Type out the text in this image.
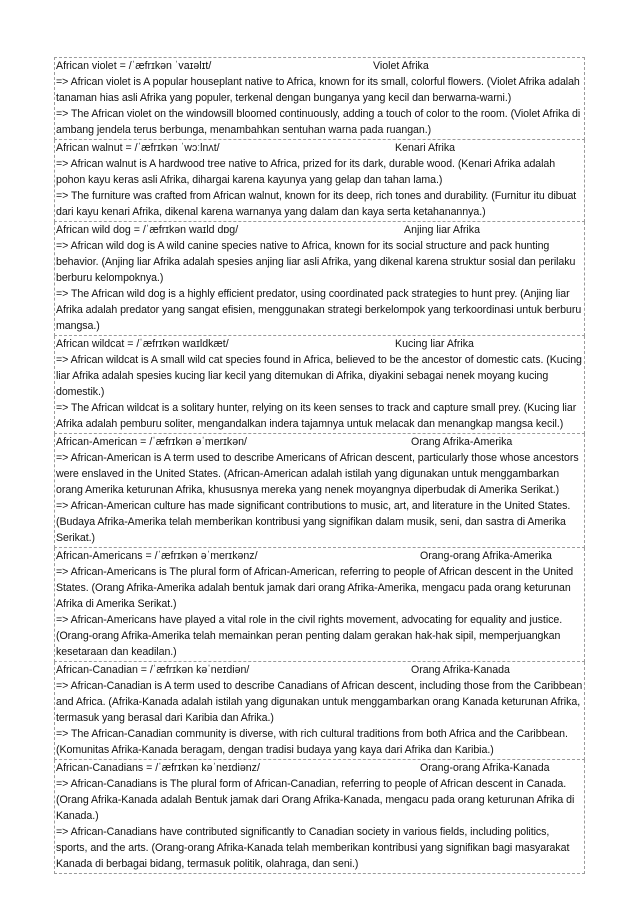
African violet = /ˈæfrɪkən ˈvaɪəlɪt/	Violet Afrika

=> African violet is A popular houseplant native to Africa, known for its small, colorful flowers. (Violet Afrika adalah tanaman hias asli Afrika yang populer, terkenal dengan bunganya yang kecil dan berwarna-warni.)

=> The African violet on the windowsill bloomed continuously, adding a touch of color to the room. (Violet Afrika di ambang jendela terus berbunga, menambahkan sentuhan warna pada ruangan.)

African walnut = /ˈæfrɪkən ˈwɔːlnʌt/	Kenari Afrika

=> African walnut is A hardwood tree native to Africa, prized for its dark, durable wood. (Kenari Afrika adalah pohon kayu keras asli Afrika, dihargai karena kayunya yang gelap dan tahan lama.)

=> The furniture was crafted from African walnut, known for its deep, rich tones and durability. (Furnitur itu dibuat dari kayu kenari Afrika, dikenal karena warnanya yang dalam dan kaya serta ketahanannya.)

African wild dog = /ˈæfrɪkən waɪld dɒɡ/	Anjing liar Afrika

=> African wild dog is A wild canine species native to Africa, known for its social structure and pack hunting behavior. (Anjing liar Afrika adalah spesies anjing liar asli Afrika, yang dikenal karena struktur sosial dan perilaku berburu kelompoknya.)

=> The African wild dog is a highly efficient predator, using coordinated pack strategies to hunt prey. (Anjing liar Afrika adalah predator yang sangat efisien, menggunakan strategi berkelompok yang terkoordinasi untuk berburu mangsa.)

African wildcat = /ˈæfrɪkən waɪldkæt/	Kucing liar Afrika

=> African wildcat is A small wild cat species found in Africa, believed to be the ancestor of domestic cats. (Kucing liar Afrika adalah spesies kucing liar kecil yang ditemukan di Afrika, diyakini sebagai nenek moyang kucing domestik.)

=> The African wildcat is a solitary hunter, relying on its keen senses to track and capture small prey. (Kucing liar Afrika adalah pemburu soliter, mengandalkan indera tajamnya untuk melacak dan menangkap mangsa kecil.)

African-American = /ˈæfrɪkən əˈmerɪkən/	Orang Afrika-Amerika

=> African-American is A term used to describe Americans of African descent, particularly those whose ancestors were enslaved in the United States. (African-American adalah istilah yang digunakan untuk menggambarkan orang Amerika keturunan Afrika, khususnya mereka yang nenek moyangnya diperbudak di Amerika Serikat.)

=> African-American culture has made significant contributions to music, art, and literature in the United States. (Budaya Afrika-Amerika telah memberikan kontribusi yang signifikan dalam musik, seni, dan sastra di Amerika Serikat.)

African-Americans = /ˈæfrɪkən əˈmerɪkənz/	Orang-orang Afrika-Amerika

=> African-Americans is The plural form of African-American, referring to people of African descent in the United States. (Orang Afrika-Amerika adalah bentuk jamak dari orang Afrika-Amerika, mengacu pada orang keturunan Afrika di Amerika Serikat.)

=> African-Americans have played a vital role in the civil rights movement, advocating for equality and justice. (Orang-orang Afrika-Amerika telah memainkan peran penting dalam gerakan hak-hak sipil, memperjuangkan kesetaraan dan keadilan.)

African-Canadian = /ˈæfrɪkən kəˈneɪdiən/	Orang Afrika-Kanada

=> African-Canadian is A term used to describe Canadians of African descent, including those from the Caribbean and Africa. (Afrika-Kanada adalah istilah yang digunakan untuk menggambarkan orang Kanada keturunan Afrika, termasuk yang berasal dari Karibia dan Afrika.)

=> The African-Canadian community is diverse, with rich cultural traditions from both Africa and the Caribbean. (Komunitas Afrika-Kanada beragam, dengan tradisi budaya yang kaya dari Afrika dan Karibia.)

African-Canadians = /ˈæfrɪkən kəˈneɪdiənz/	Orang-orang Afrika-Kanada

=> African-Canadians is The plural form of African-Canadian, referring to people of African descent in Canada. (Orang Afrika-Kanada adalah Bentuk jamak dari Orang Afrika-Kanada, mengacu pada orang keturunan Afrika di Kanada.)

=> African-Canadians have contributed significantly to Canadian society in various fields, including politics, sports, and the arts. (Orang-orang Afrika-Kanada telah memberikan kontribusi yang signifikan bagi masyarakat Kanada di berbagai bidang, termasuk politik, olahraga, dan seni.)
